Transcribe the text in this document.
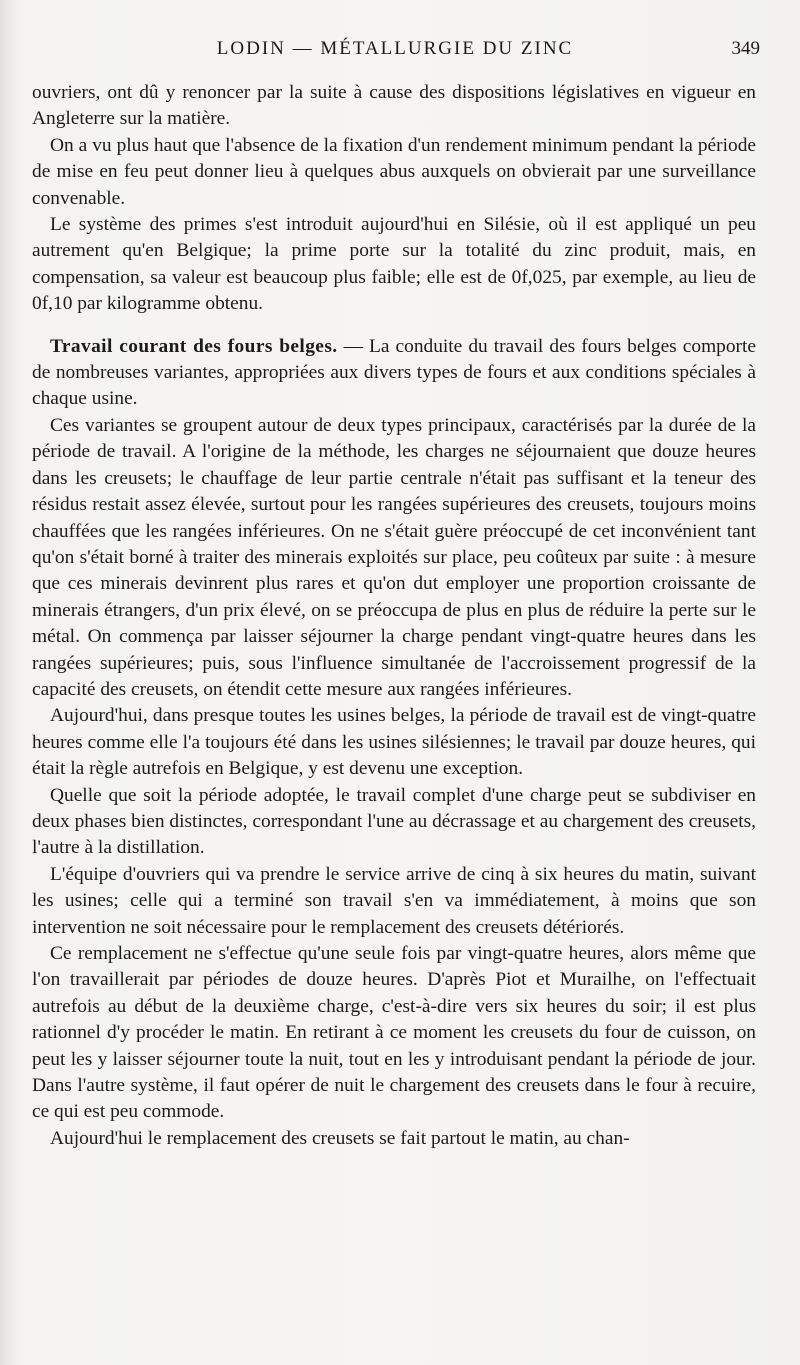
LODIN — MÉTALLURGIE DU ZINC	349

ouvriers, ont dû y renoncer par la suite à cause des dispositions législatives en vigueur en Angleterre sur la matière.

On a vu plus haut que l'absence de la fixation d'un rendement minimum pendant la période de mise en feu peut donner lieu à quelques abus auxquels on obvierait par une surveillance convenable.

Le système des primes s'est introduit aujourd'hui en Silésie, où il est appliqué un peu autrement qu'en Belgique; la prime porte sur la totalité du zinc produit, mais, en compensation, sa valeur est beaucoup plus faible; elle est de 0f,025, par exemple, au lieu de 0f,10 par kilogramme obtenu.

Travail courant des fours belges. — La conduite du travail des fours belges comporte de nombreuses variantes, appropriées aux divers types de fours et aux conditions spéciales à chaque usine.

Ces variantes se groupent autour de deux types principaux, caractérisés par la durée de la période de travail. A l'origine de la méthode, les charges ne séjournaient que douze heures dans les creusets; le chauffage de leur partie centrale n'était pas suffisant et la teneur des résidus restait assez élevée, surtout pour les rangées supérieures des creusets, toujours moins chauffées que les rangées inférieures. On ne s'était guère préoccupé de cet inconvénient tant qu'on s'était borné à traiter des minerais exploités sur place, peu coûteux par suite : à mesure que ces minerais devinrent plus rares et qu'on dut employer une proportion croissante de minerais étrangers, d'un prix élevé, on se préoccupa de plus en plus de réduire la perte sur le métal. On commença par laisser séjourner la charge pendant vingt-quatre heures dans les rangées supérieures; puis, sous l'influence simultanée de l'accroissement progressif de la capacité des creusets, on étendit cette mesure aux rangées inférieures.

Aujourd'hui, dans presque toutes les usines belges, la période de travail est de vingt-quatre heures comme elle l'a toujours été dans les usines silésiennes; le travail par douze heures, qui était la règle autrefois en Belgique, y est devenu une exception.

Quelle que soit la période adoptée, le travail complet d'une charge peut se subdiviser en deux phases bien distinctes, correspondant l'une au décrassage et au chargement des creusets, l'autre à la distillation.

L'équipe d'ouvriers qui va prendre le service arrive de cinq à six heures du matin, suivant les usines; celle qui a terminé son travail s'en va immédiatement, à moins que son intervention ne soit nécessaire pour le remplacement des creusets détériorés.

Ce remplacement ne s'effectue qu'une seule fois par vingt-quatre heures, alors même que l'on travaillerait par périodes de douze heures. D'après Piot et Murailhe, on l'effectuait autrefois au début de la deuxième charge, c'est-à-dire vers six heures du soir; il est plus rationnel d'y procéder le matin. En retirant à ce moment les creusets du four de cuisson, on peut les y laisser séjourner toute la nuit, tout en les y introduisant pendant la période de jour. Dans l'autre système, il faut opérer de nuit le chargement des creusets dans le four à recuire, ce qui est peu commode.

Aujourd'hui le remplacement des creusets se fait partout le matin, au chan-
